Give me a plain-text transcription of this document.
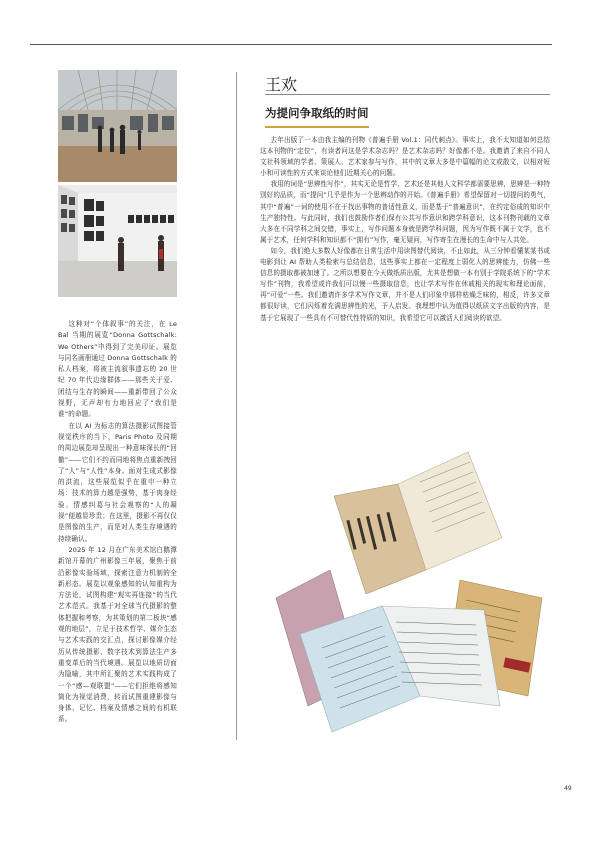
这种对“个体叙事”的关注，在 Le Bal 当期的展览“Donna Gottschalk: We Others”中得到了完美印证。展览与同名画册通过 Donna Gottschalk 的私人档案，将被主流叙事遗忘的 20 世纪 70 年代边缘群体——那些关于爱、团结与生存的瞬间——重新带回了公众视野，无声却有力地回应了“我们是谁”的命题。

在以 AI 为标志的算法摄影试图接管视觉秩序的当下，Paris Photo 及同期的周边展览却呈现出一种意味深长的“回撤”——它们不约而同地将焦点重新拽回了“人”与“人性”本身。面对生成式影像的洪流，这些展览似乎在重申一种立场：技术的算力越是强势，基于肉身经验、情感纠葛与社会观察的“人的凝视”便越显珍贵；在这里，摄影不再仅仅是图像的生产，而是对人类生存境遇的持续确认。

2025 年 12 月在广东美术馆白鹅潭新馆开幕的广州影像三年展，聚焦于前沿影像实验场域，探索注意力机制的全新形态。展览以观象感知的认知重构为方法论，试图构建“观实再连接”的当代艺术范式。我基于对全球当代摄影的整体把握和考察，为其策划的第二板块“感观的地层”，立足于技术哲学、媒介生态与艺术实践的交汇点，探讨影像媒介经历从传统摄影、数字技术到算法生产多重变革后的当代境遇。展览以地质切面为隐喻，其中所汇聚的艺术实践构成了一个“感—观联盟”——它们拒绝将感知简化为视觉消费，转而试图重建影像与身体、记忆、档案及情感之间的有机联系。

王欢
为提问争取纸的时间

去年出版了一本由我主编的刊物《普遍手册 Vol.1：同代刺点》。事实上，我不太知道如何总结这本刊物的“定位”，有读者问这是学术杂志吗？是艺术杂志吗？好像都不是。我邀请了来自不同人文社科领域的学者、策展人、艺术家参与写作，其中的文章大多是中篇幅的论文或散文，以相对短小和可读性的方式来谈论他们近期关心的问题。

我用的词是“思辨性写作”，其实无论是哲学、艺术还是其他人文科学都需要思辨，思辨是一种特别好的品质，而“提问”几乎是作为一个思辨动作的开始。《普遍手册》希望保留对一切提问的勇气，其中“普遍”一词的使用不在于找出事物的普适性意义，而是基于“普遍意识”，在约定俗成的知识中生产独特性。与此同时，我们也鼓励作者们保有公共写作意识和跨学科意识，这本刊物刊载的文章大多在不同学科之间交错，事实上，写作问题本身就是跨学科问题，因为写作既不属于文学，也不属于艺术，任何学科和知识都不“拥有”写作，毫无疑问，写作寄生在漫长的生命中与人共处。

如今，我们绝大多数人好像都在日常生活中用读图替代阅读，不止如此，从三分钟看懂某某书或电影到让 AI 帮助人类检索与总结信息，这些事实上都在一定程度上弱化人的思辨能力，仿佛一些信息的摄取都被加速了。之所以想要在今天做纸质出版，尤其是想做一本有别于学院系统下的“学术写作”刊物，我希望或许我们可以慢一些摄取信息，也让学术写作在休戚相关的现实和理论面前，再“可爱”一些。我们邀请许多学术写作文章，并不是人们印象中那样枯燥乏味的，相反，许多文章都很好读，它们闪烁着充满思辨性的光，予人启发。我理想中认为值得以纸质文字出版的内容，是基于它展现了一些具有不可替代性特质的知识，我希望它可以激活人们阅读的欲望。

49
